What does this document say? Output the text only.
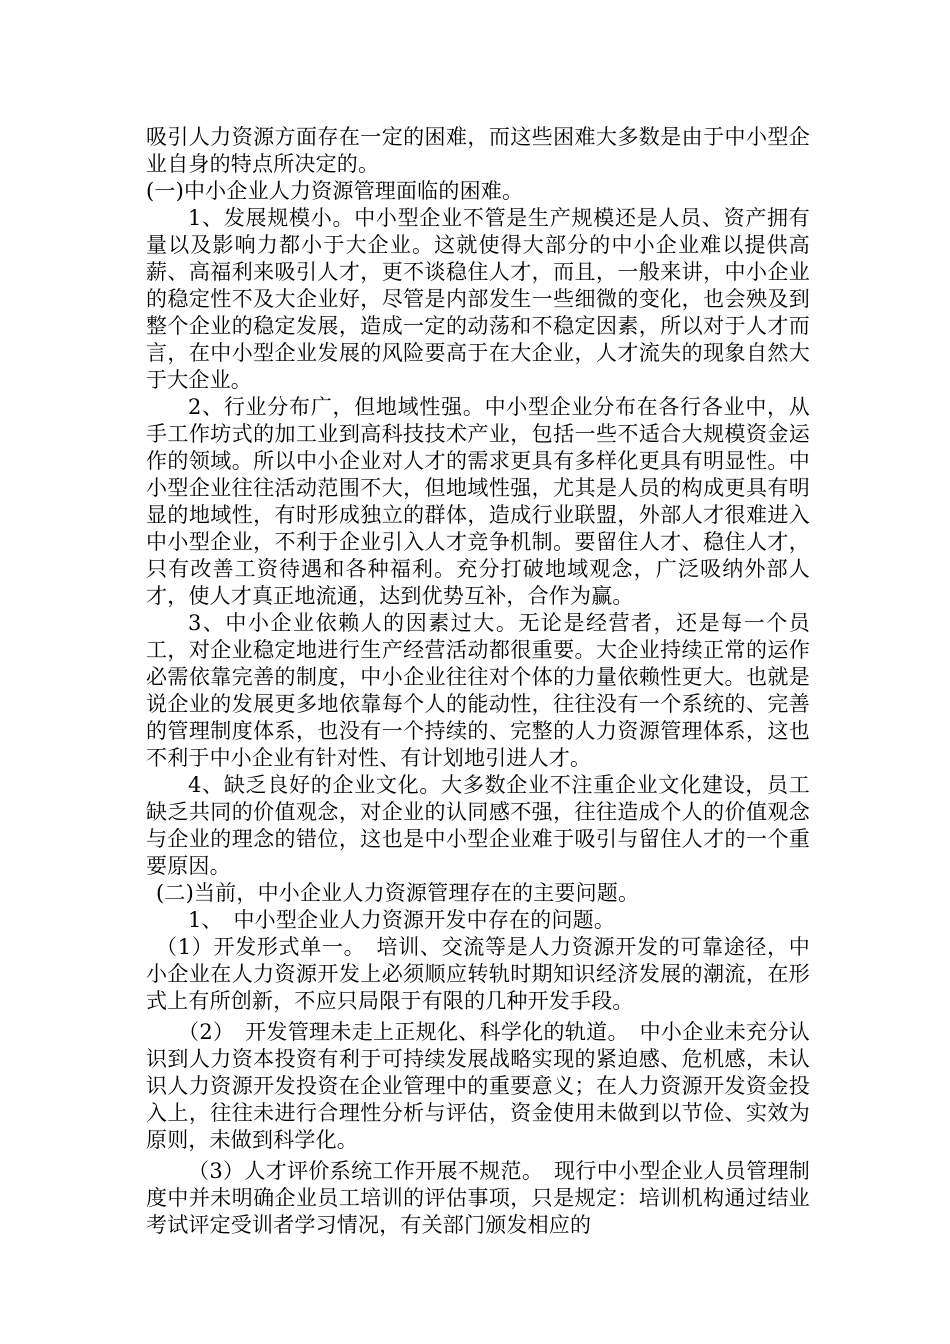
吸引人力资源方面存在一定的困难，而这些困难大多数是由于中小型企业自身的特点所决定的。

(一)中小企业人力资源管理面临的困难。

1、发展规模小。中小型企业不管是生产规模还是人员、资产拥有量以及影响力都小于大企业。这就使得大部分的中小企业难以提供高薪、高福利来吸引人才，更不谈稳住人才，而且，一般来讲，中小企业的稳定性不及大企业好，尽管是内部发生一些细微的变化，也会殃及到整个企业的稳定发展，造成一定的动荡和不稳定因素，所以对于人才而言，在中小型企业发展的风险要高于在大企业，人才流失的现象自然大于大企业。

2、行业分布广，但地域性强。中小型企业分布在各行各业中，从手工作坊式的加工业到高科技技术产业，包括一些不适合大规模资金运作的领域。所以中小企业对人才的需求更具有多样化更具有明显性。中小型企业往往活动范围不大，但地域性强，尤其是人员的构成更具有明显的地域性，有时形成独立的群体，造成行业联盟，外部人才很难进入中小型企业，不利于企业引入人才竞争机制。要留住人才、稳住人才，只有改善工资待遇和各种福利。充分打破地域观念，广泛吸纳外部人才，使人才真正地流通，达到优势互补，合作为赢。

3、中小企业依赖人的因素过大。无论是经营者，还是每一个员工，对企业稳定地进行生产经营活动都很重要。大企业持续正常的运作必需依靠完善的制度，中小企业往往对个体的力量依赖性更大。也就是说企业的发展更多地依靠每个人的能动性，往往没有一个系统的、完善的管理制度体系，也没有一个持续的、完整的人力资源管理体系，这也不利于中小企业有针对性、有计划地引进人才。

4、缺乏良好的企业文化。大多数企业不注重企业文化建设，员工缺乏共同的价值观念，对企业的认同感不强，往往造成个人的价值观念与企业的理念的错位，这也是中小型企业难于吸引与留住人才的一个重要原因。

(二)当前，中小企业人力资源管理存在的主要问题。

1、　中小型企业人力资源开发中存在的问题。

（1）开发形式单一。　培训、交流等是人力资源开发的可靠途径，中小企业在人力资源开发上必须顺应转轨时期知识经济发展的潮流，在形式上有所创新，不应只局限于有限的几种开发手段。

（2）　开发管理未走上正规化、科学化的轨道。　中小企业未充分认识到人力资本投资有利于可持续发展战略实现的紧迫感、危机感，未认识人力资源开发投资在企业管理中的重要意义；在人力资源开发资金投入上，往往未进行合理性分析与评估，资金使用未做到以节俭、实效为原则，未做到科学化。

（3）人才评价系统工作开展不规范。　现行中小型企业人员管理制度中并未明确企业员工培训的评估事项，只是规定：培训机构通过结业考试评定受训者学习情况，有关部门颁发相应的
